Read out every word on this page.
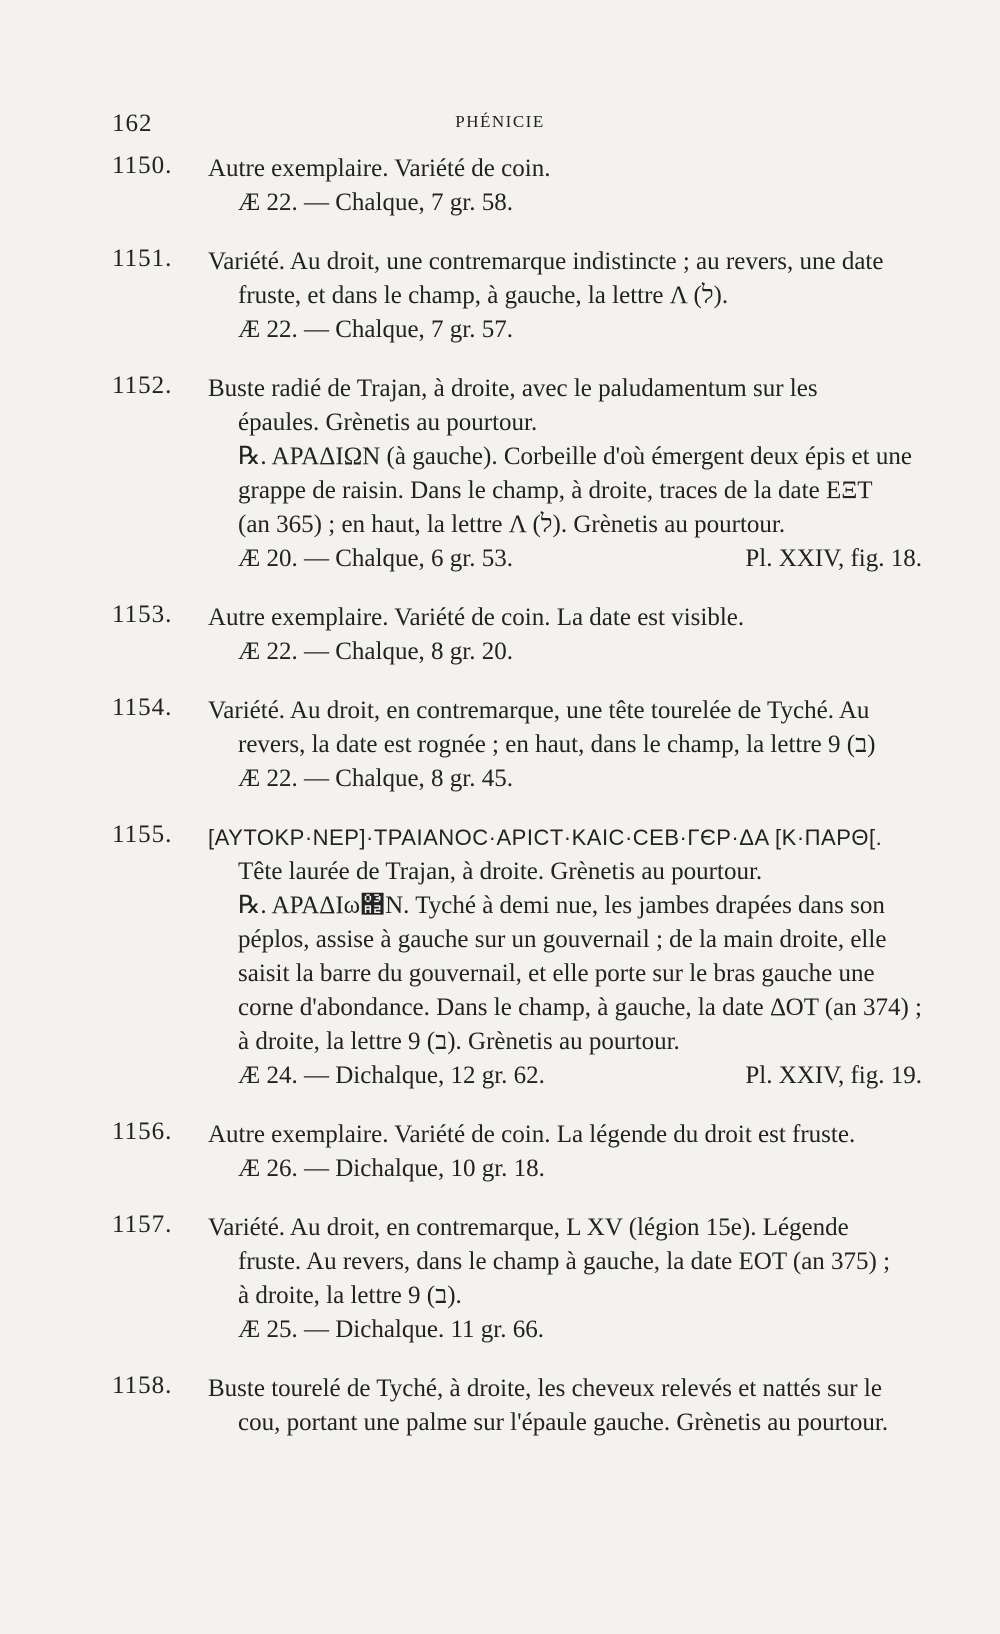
162	PHÉNICIE
1150. Autre exemplaire. Variété de coin.
Æ 22. — Chalque, 7 gr. 58.
1151. Variété. Au droit, une contremarque indistincte ; au revers, une date
fruste, et dans le champ, à gauche, la lettre Λ (ﬥ).
Æ 22. — Chalque, 7 gr. 57.
1152. Buste radié de Trajan, à droite, avec le paludamentum sur les
épaules. Grènetis au pourtour.
℞. ΑΡΑΔΙΩΝ (à gauche). Corbeille d'où émergent deux épis et une
grappe de raisin. Dans le champ, à droite, traces de la date ΕΞΤ
(an 365) ; en haut, la lettre Λ (ﬥ). Grènetis au pourtour.
Æ 20. — Chalque, 6 gr. 53.	Pl. XXIV, fig. 18.
1153. Autre exemplaire. Variété de coin. La date est visible.
Æ 22. — Chalque, 8 gr. 20.
1154. Variété. Au droit, en contremarque, une tête tourelée de Tyché. Au
revers, la date est rognée ; en haut, dans le champ, la lettre 9 (ב)
Æ 22. — Chalque, 8 gr. 45.
1155. [ΑΥΤΟΚΡ·ΝΕΡ]·ΤΡΑΙΑΝΟϹ·ΑΡΙϹΤ·ΚΑΙϹ·ϹΕΒ·ΓЄΡ·ΔΑ [Κ·ΠΑΡΘ[.
Tête laurée de Trajan, à droite. Grènetis au pourtour.
℞. ΑΡΑΔΙω΢N. Tyché à demi nue, les jambes drapées dans son
péplos, assise à gauche sur un gouvernail ; de la main droite, elle
saisit la barre du gouvernail, et elle porte sur le bras gauche une
corne d'abondance. Dans le champ, à gauche, la date ΔΟΤ (an 374) ;
à droite, la lettre 9 (ב). Grènetis au pourtour.
Æ 24. — Dichalque, 12 gr. 62.	Pl. XXIV, fig. 19.
1156. Autre exemplaire. Variété de coin. La légende du droit est fruste.
Æ 26. — Dichalque, 10 gr. 18.
1157. Variété. Au droit, en contremarque, L XV (légion 15e). Légende
fruste. Au revers, dans le champ à gauche, la date ΕΟΤ (an 375) ;
à droite, la lettre 9 (ב).
Æ 25. — Dichalque. 11 gr. 66.
1158. Buste tourelé de Tyché, à droite, les cheveux relevés et nattés sur le
cou, portant une palme sur l'épaule gauche. Grènetis au pourtour.
